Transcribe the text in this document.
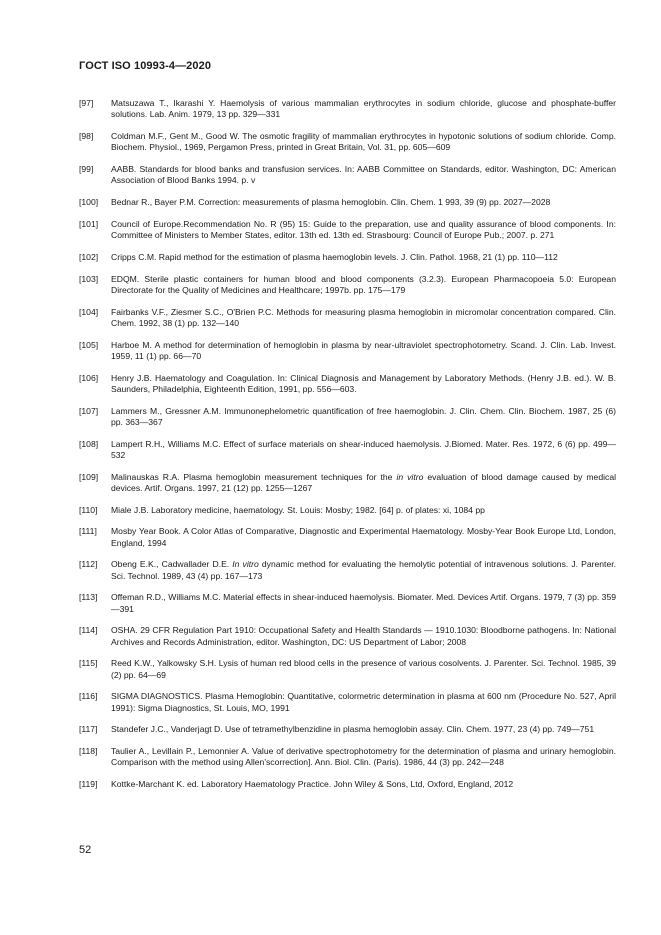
ГОСТ ISO 10993-4—2020
[97]	Matsuzawa T., Ikarashi Y. Haemolysis of various mammalian erythrocytes in sodium chloride, glucose and phosphate-buffer solutions. Lab. Anim. 1979, 13 pp. 329—331
[98]	Coldman M.F., Gent M., Good W. The osmotic fragility of mammalian erythrocytes in hypotonic solutions of sodium chloride. Comp. Biochem. Physiol., 1969, Pergamon Press, printed in Great Britain, Vol. 31, pp. 605—609
[99]	AABB. Standards for blood banks and transfusion services. In: AABB Committee on Standards, editor. Washington, DC: American Association of Blood Banks 1994. p. v
[100]	Bednar R., Bayer P.M. Correction: measurements of plasma hemoglobin. Clin. Chem. 1 993, 39 (9) pp. 2027—2028
[101]	Council of Europe.Recommendation No. R (95) 15: Guide to the preparation, use and quality assurance of blood components. In: Committee of Ministers to Member States, editor. 13th ed. 13th ed. Strasbourg: Council of Europe Pub.; 2007. p. 271
[102]	Cripps C.M. Rapid method for the estimation of plasma haemoglobin levels. J. Clin. Pathol. 1968, 21 (1) pp. 110—112
[103]	EDQM. Sterile plastic containers for human blood and blood components (3.2.3). European Pharmacopoeia 5.0: European Directorate for the Quality of Medicines and Healthcare; 1997b. pp. 175—179
[104]	Fairbanks V.F., Ziesmer S.C., O'Brien P.C. Methods for measuring plasma hemoglobin in micromolar concentration compared. Clin. Chem. 1992, 38 (1) pp. 132—140
[105]	Harboe M. A method for determination of hemoglobin in plasma by near-ultraviolet spectrophotometry. Scand. J. Clin. Lab. Invest. 1959, 11 (1) pp. 66—70
[106]	Henry J.B. Haematology and Coagulation. In: Clinical Diagnosis and Management by Laboratory Methods. (Henry J.B. ed.). W. B. Saunders, Philadelphia, Eighteenth Edition, 1991, pp. 556—603.
[107]	Lammers M., Gressner A.M. Immunonephelometric quantification of free haemoglobin. J. Clin. Chem. Clin. Biochem. 1987, 25 (6) pp. 363—367
[108]	Lampert R.H., Williams M.C. Effect of surface materials on shear-induced haemolysis. J.Biomed. Mater. Res. 1972, 6 (6) pp. 499—532
[109]	Malinauskas R.A. Plasma hemoglobin measurement techniques for the in vitro evaluation of blood damage caused by medical devices. Artif. Organs. 1997, 21 (12) pp. 1255—1267
[110]	Miale J.B. Laboratory medicine, haematology. St. Louis: Mosby; 1982. [64] p. of plates: xi, 1084 pp
[111]	Mosby Year Book. A Color Atlas of Comparative, Diagnostic and Experimental Haematology. Mosby-Year Book Europe Ltd, London, England, 1994
[112]	Obeng E.K., Cadwallader D.E. In vitro dynamic method for evaluating the hemolytic potential of intravenous solutions. J. Parenter. Sci. Technol. 1989, 43 (4) pp. 167—173
[113]	Offeman R.D., Williams M.C. Material effects in shear-induced haemolysis. Biomater. Med. Devices Artif. Organs. 1979, 7 (3) pp. 359—391
[114]	OSHA. 29 CFR Regulation Part 1910: Occupational Safety and Health Standards — 1910.1030: Bloodborne pathogens. In: National Archives and Records Administration, editor. Washington, DC: US Department of Labor; 2008
[115]	Reed K.W., Yalkowsky S.H. Lysis of human red blood cells in the presence of various cosolvents. J. Parenter. Sci. Technol. 1985, 39 (2) pp. 64—69
[116]	SIGMA DIAGNOSTICS. Plasma Hemoglobin: Quantitative, colormetric determination in plasma at 600 nm (Procedure No. 527, April 1991): Sigma Diagnostics, St. Louis, MO, 1991
[117]	Standefer J.C., Vanderjagt D. Use of tetramethylbenzidine in plasma hemoglobin assay. Clin. Chem. 1977, 23 (4) pp. 749—751
[118]	Taulier A., Levillain P., Lemonnier A. Value of derivative spectrophotometry for the determination of plasma and urinary hemoglobin. Comparison with the method using Allen'scorrection]. Ann. Biol. Clin. (Paris). 1986, 44 (3) pp. 242—248
[119]	Kottke-Marchant K. ed. Laboratory Haematology Practice. John Wiley & Sons, Ltd, Oxford, England, 2012
52
